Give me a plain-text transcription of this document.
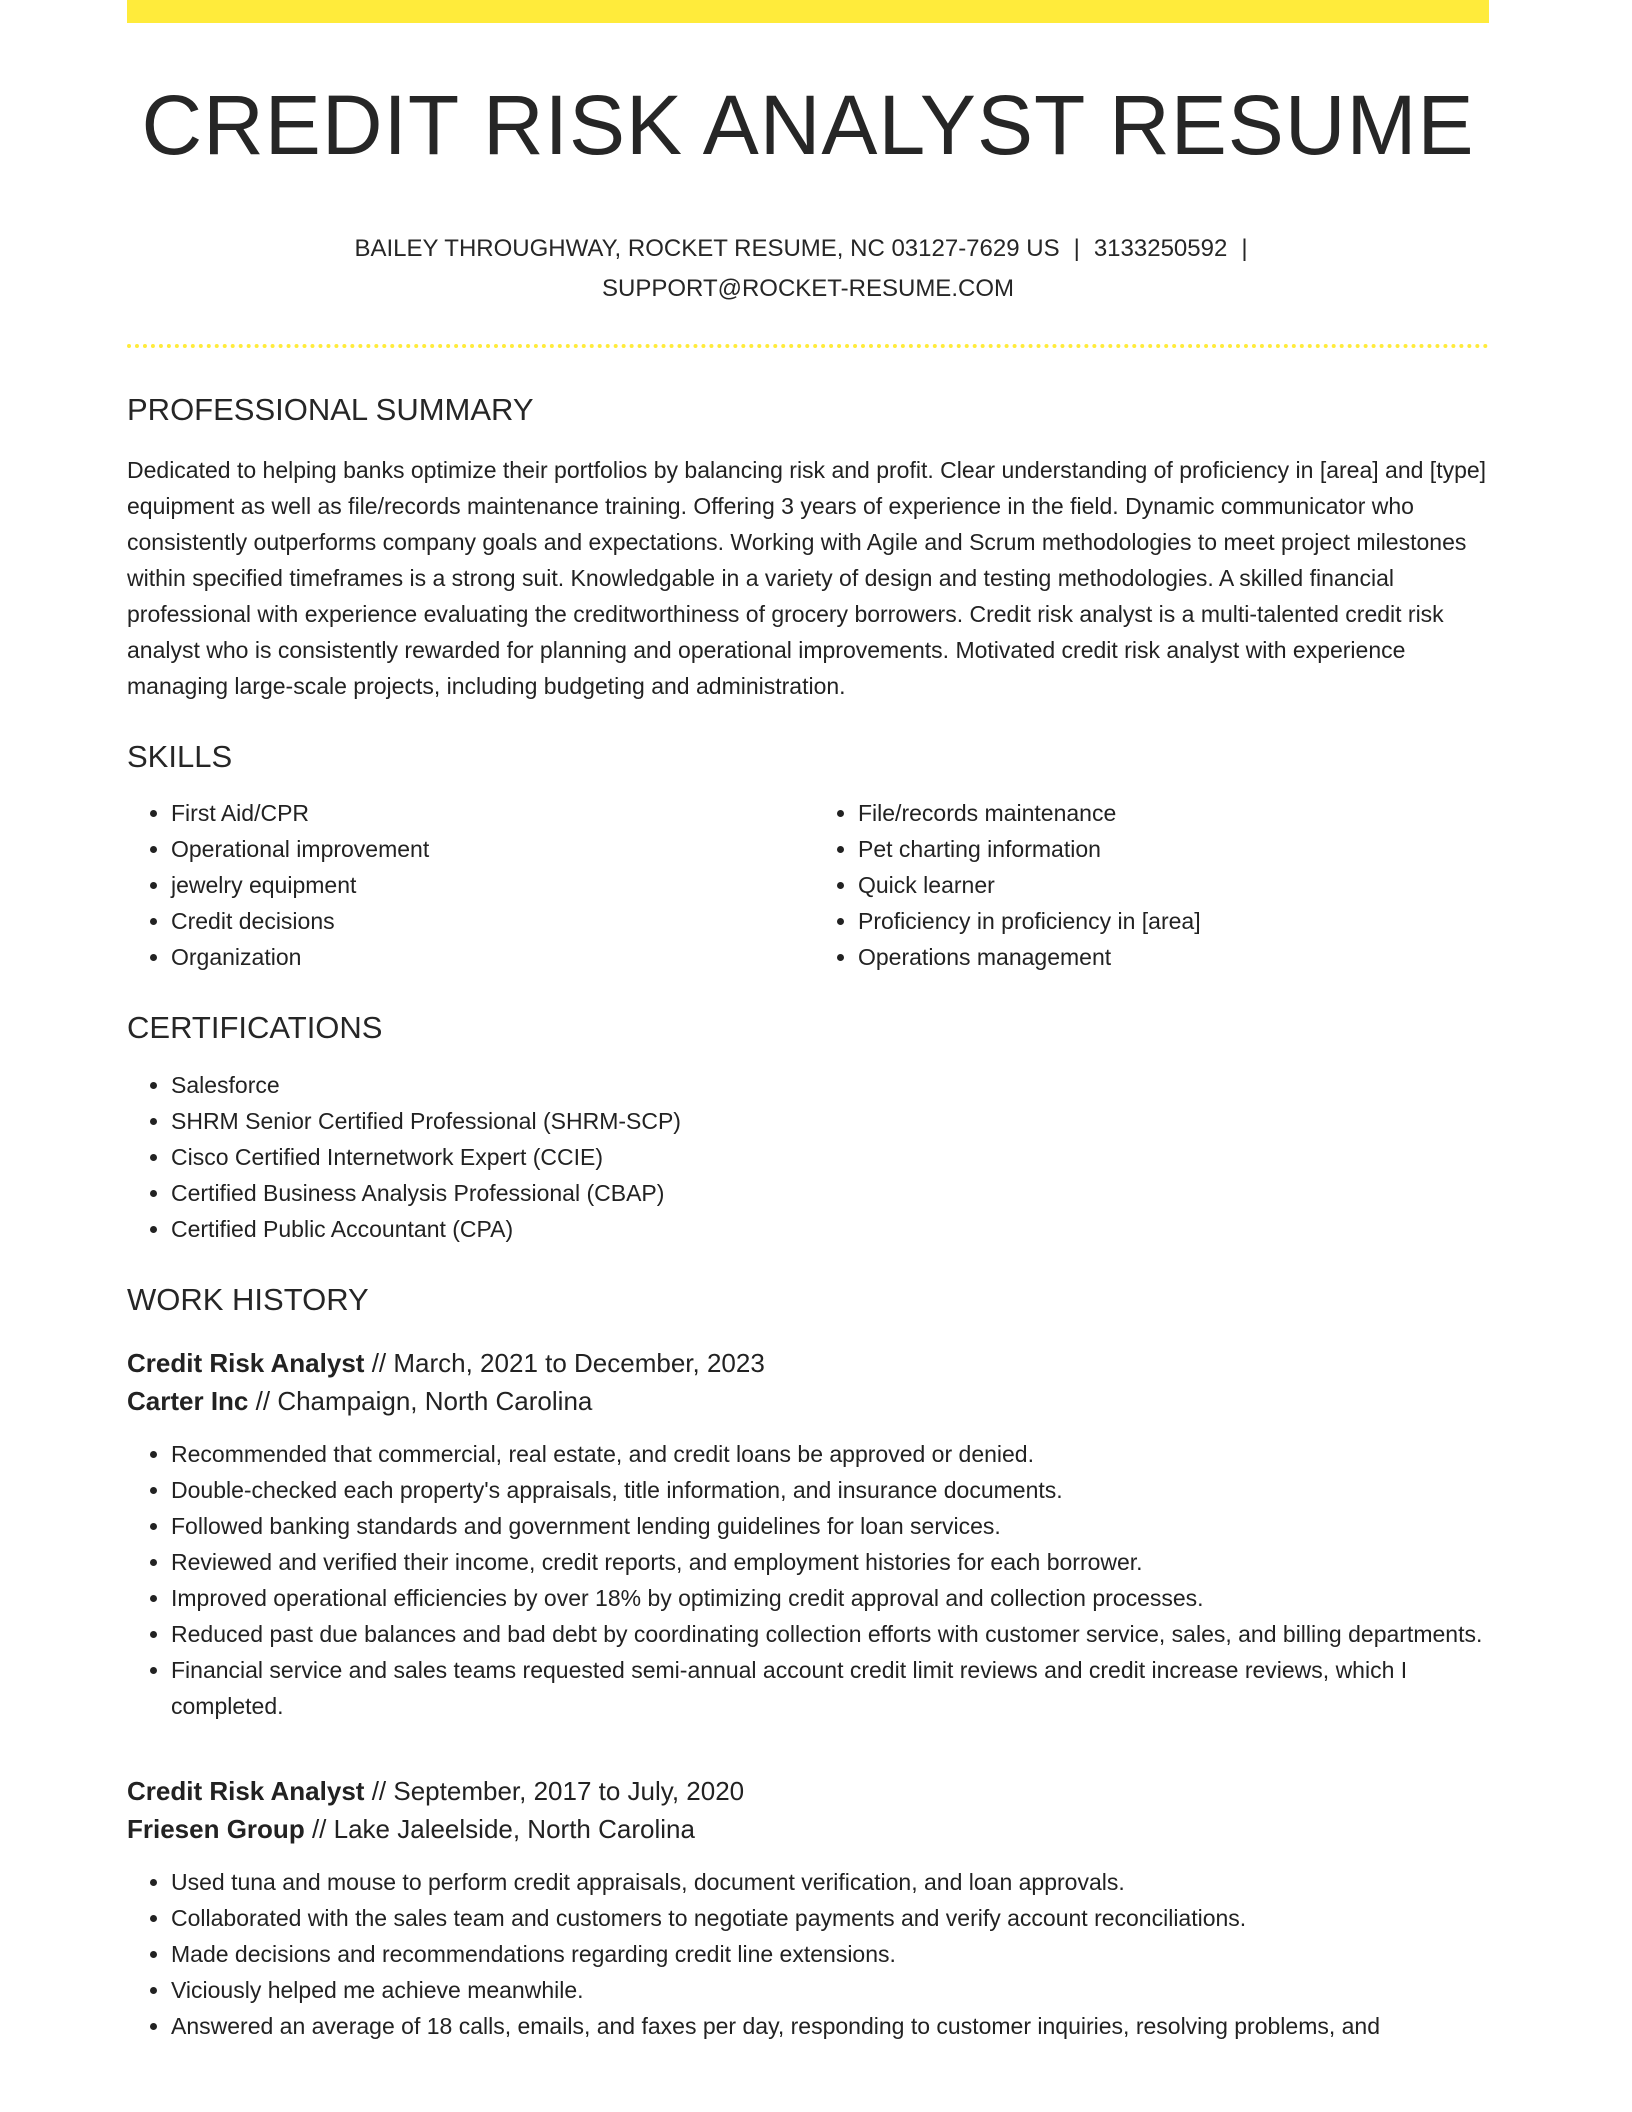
CREDIT RISK ANALYST RESUME
BAILEY THROUGHWAY, ROCKET RESUME, NC 03127-7629 US | 3133250592 |
SUPPORT@ROCKET-RESUME.COM
PROFESSIONAL SUMMARY

Dedicated to helping banks optimize their portfolios by balancing risk and profit. Clear understanding of proficiency in [area] and [type] equipment as well as file/records maintenance training. Offering 3 years of experience in the field. Dynamic communicator who consistently outperforms company goals and expectations. Working with Agile and Scrum methodologies to meet project milestones within specified timeframes is a strong suit. Knowledgable in a variety of design and testing methodologies. A skilled financial professional with experience evaluating the creditworthiness of grocery borrowers. Credit risk analyst is a multi-talented credit risk analyst who is consistently rewarded for planning and operational improvements. Motivated credit risk analyst with experience managing large-scale projects, including budgeting and administration.

SKILLS
• First Aid/CPR
• Operational improvement
• jewelry equipment
• Credit decisions
• Organization
• File/records maintenance
• Pet charting information
• Quick learner
• Proficiency in proficiency in [area]
• Operations management
CERTIFICATIONS
• Salesforce
• SHRM Senior Certified Professional (SHRM-SCP)
• Cisco Certified Internetwork Expert (CCIE)
• Certified Business Analysis Professional (CBAP)
• Certified Public Accountant (CPA)
WORK HISTORY
Credit Risk Analyst // March, 2021 to December, 2023
Carter Inc // Champaign, North Carolina
• Recommended that commercial, real estate, and credit loans be approved or denied.
• Double-checked each property's appraisals, title information, and insurance documents.
• Followed banking standards and government lending guidelines for loan services.
• Reviewed and verified their income, credit reports, and employment histories for each borrower.
• Improved operational efficiencies by over 18% by optimizing credit approval and collection processes.
• Reduced past due balances and bad debt by coordinating collection efforts with customer service, sales, and billing departments.
• Financial service and sales teams requested semi-annual account credit limit reviews and credit increase reviews, which I completed.
Credit Risk Analyst // September, 2017 to July, 2020
Friesen Group // Lake Jaleelside, North Carolina
• Used tuna and mouse to perform credit appraisals, document verification, and loan approvals.
• Collaborated with the sales team and customers to negotiate payments and verify account reconciliations.
• Made decisions and recommendations regarding credit line extensions.
• Viciously helped me achieve meanwhile.
• Answered an average of 18 calls, emails, and faxes per day, responding to customer inquiries, resolving problems, and
